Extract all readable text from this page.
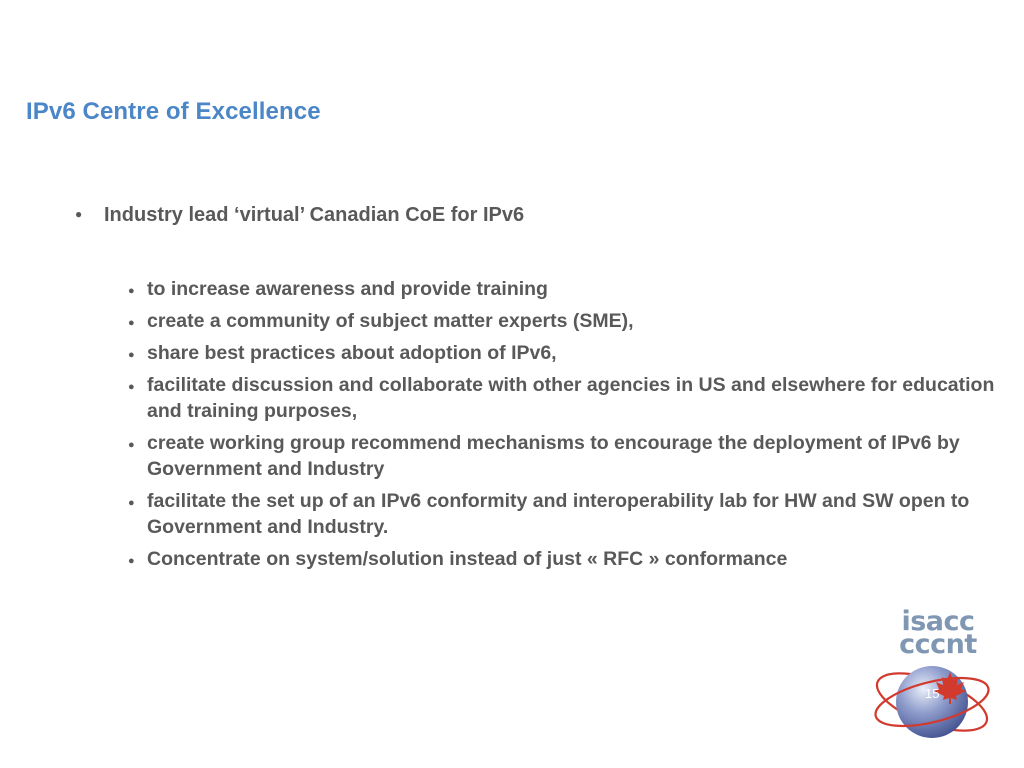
IPv6 Centre of Excellence
●	Industry lead ‘virtual’ Canadian CoE for IPv6
● to increase awareness and provide training
● create a community of subject matter experts (SME),
● share best practices about adoption of IPv6,
● facilitate discussion and collaborate with other agencies in US and elsewhere for education and training purposes,
● create working group recommend mechanisms to encourage the deployment of IPv6 by Government and Industry
● facilitate the set up of an IPv6 conformity and interoperability lab for HW and SW open to Government and Industry.
● Concentrate on system/solution instead of just « RFC » conformance
isacc
cccnt
15
